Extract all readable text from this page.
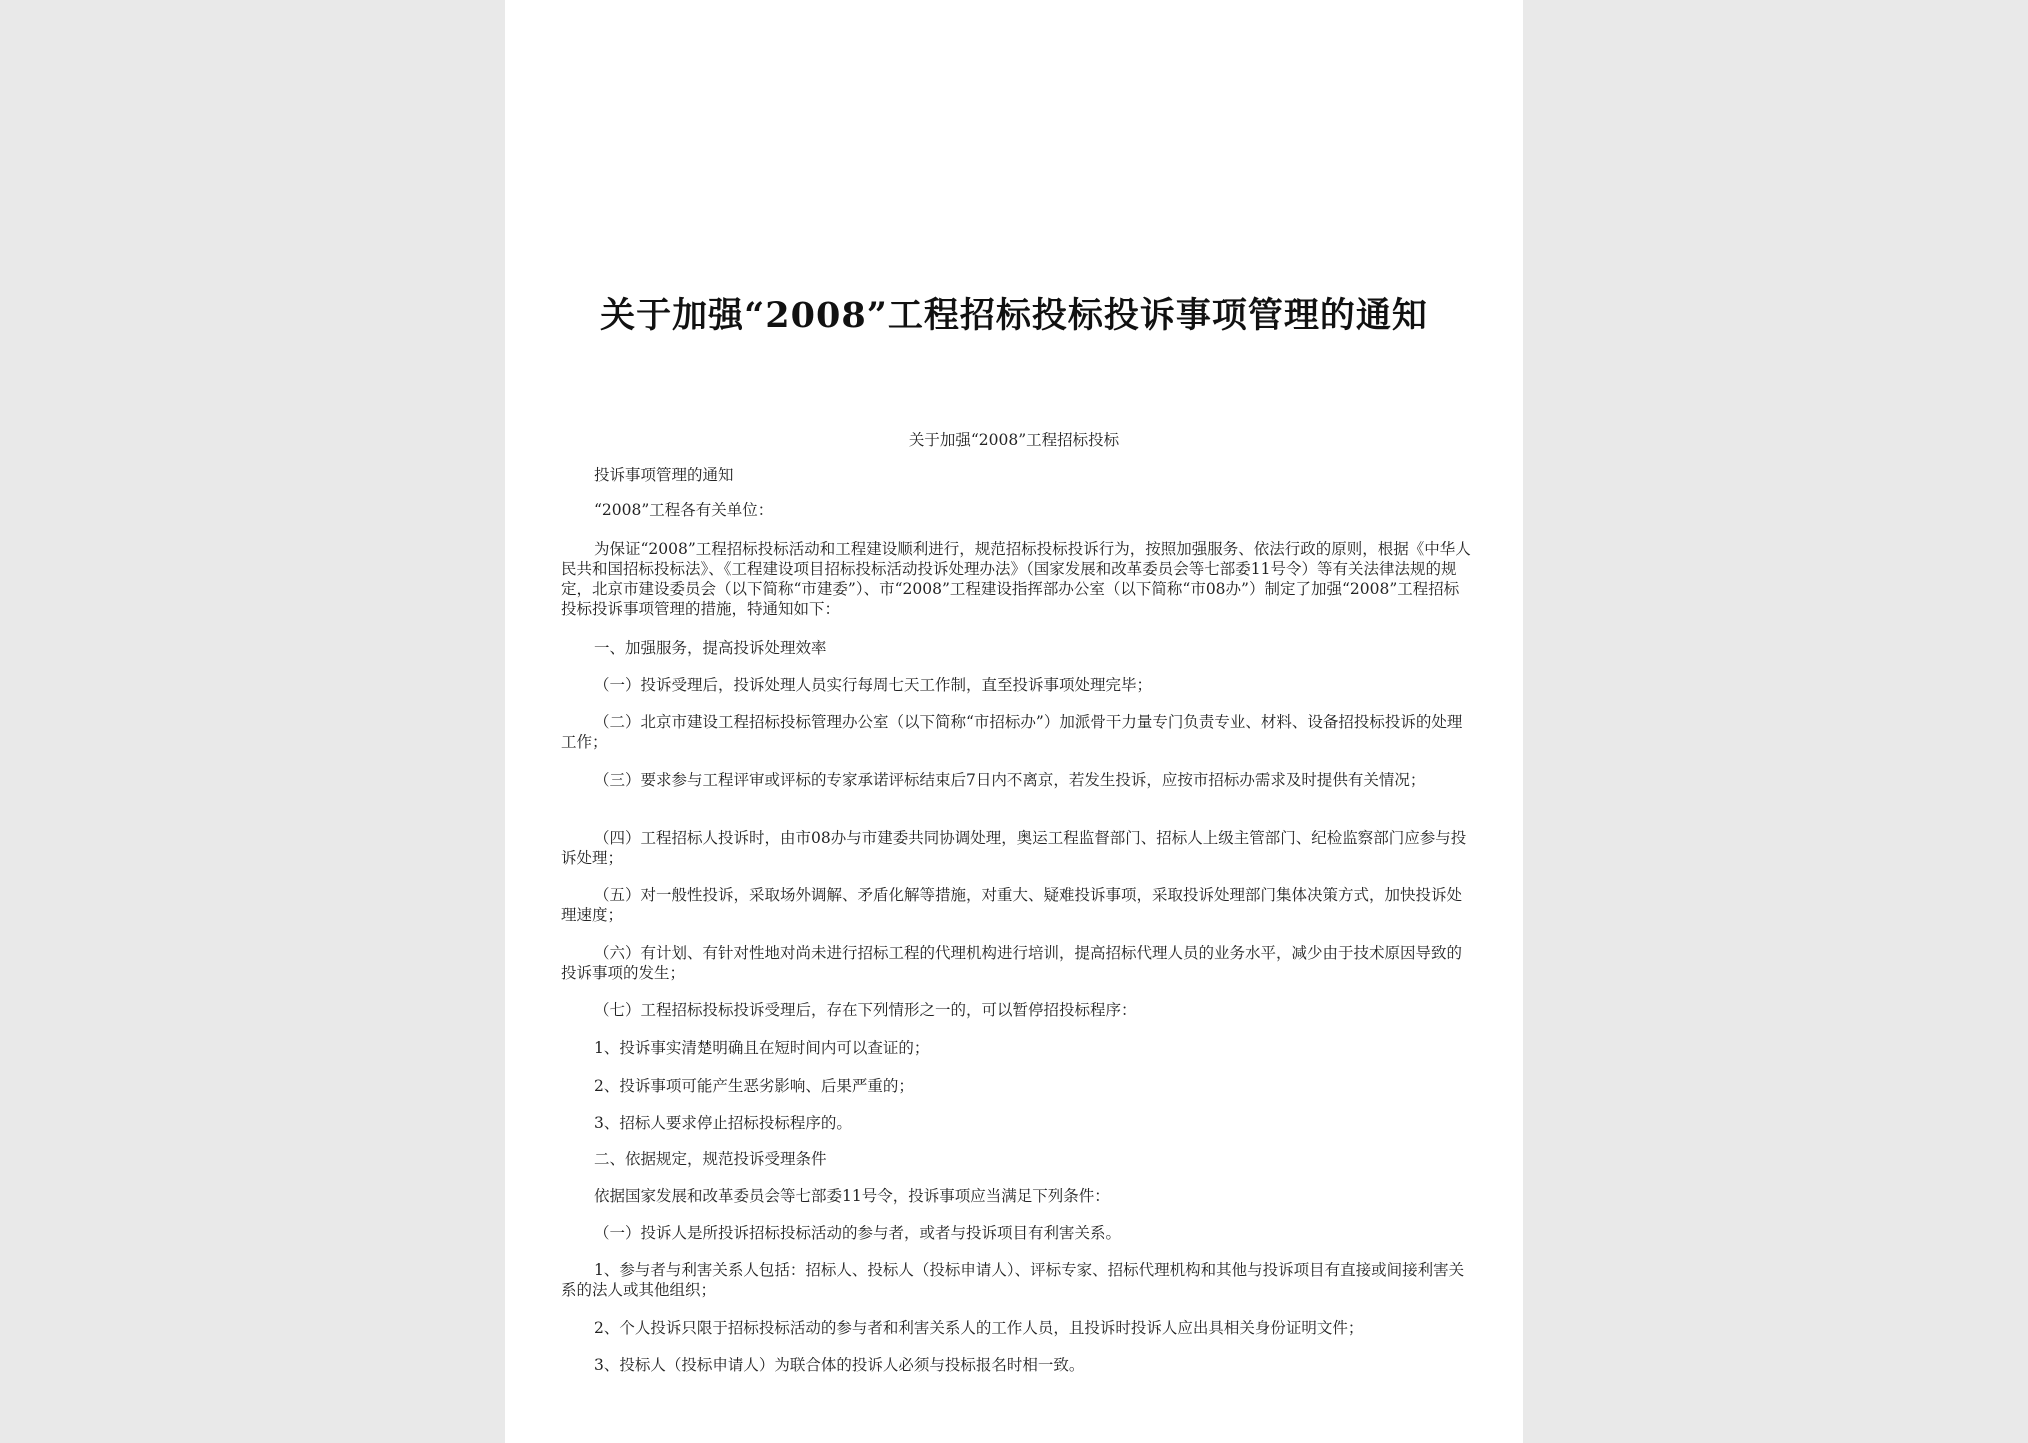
关于加强“2008”工程招标投标投诉事项管理的通知
关于加强“2008”工程招标投标
投诉事项管理的通知
“2008”工程各有关单位：
为保证“2008”工程招标投标活动和工程建设顺利进行，规范招标投标投诉行为，按照加强服务、依法行政的原则，根据《中华人民共和国招标投标法》、《工程建设项目招标投标活动投诉处理办法》（国家发展和改革委员会等七部委11号令）等有关法律法规的规定，北京市建设委员会（以下简称“市建委”）、市“2008”工程建设指挥部办公室（以下简称“市08办”）制定了加强“2008”工程招标投标投诉事项管理的措施，特通知如下：
一、加强服务，提高投诉处理效率
（一）投诉受理后，投诉处理人员实行每周七天工作制，直至投诉事项处理完毕；
（二）北京市建设工程招标投标管理办公室（以下简称“市招标办”）加派骨干力量专门负责专业、材料、设备招投标投诉的处理工作；
（三）要求参与工程评审或评标的专家承诺评标结束后7日内不离京，若发生投诉，应按市招标办需求及时提供有关情况；
（四）工程招标人投诉时，由市08办与市建委共同协调处理，奥运工程监督部门、招标人上级主管部门、纪检监察部门应参与投诉处理；
（五）对一般性投诉，采取场外调解、矛盾化解等措施，对重大、疑难投诉事项，采取投诉处理部门集体决策方式，加快投诉处理速度；
（六）有计划、有针对性地对尚未进行招标工程的代理机构进行培训，提高招标代理人员的业务水平，减少由于技术原因导致的投诉事项的发生；
（七）工程招标投标投诉受理后，存在下列情形之一的，可以暂停招投标程序：
1、投诉事实清楚明确且在短时间内可以查证的；
2、投诉事项可能产生恶劣影响、后果严重的；
3、招标人要求停止招标投标程序的。
二、依据规定，规范投诉受理条件
依据国家发展和改革委员会等七部委11号令，投诉事项应当满足下列条件：
（一）投诉人是所投诉招标投标活动的参与者，或者与投诉项目有利害关系。
1、参与者与利害关系人包括：招标人、投标人（投标申请人）、评标专家、招标代理机构和其他与投诉项目有直接或间接利害关系的法人或其他组织；
2、个人投诉只限于招标投标活动的参与者和利害关系人的工作人员，且投诉时投诉人应出具相关身份证明文件；
3、投标人（投标申请人）为联合体的投诉人必须与投标报名时相一致。
